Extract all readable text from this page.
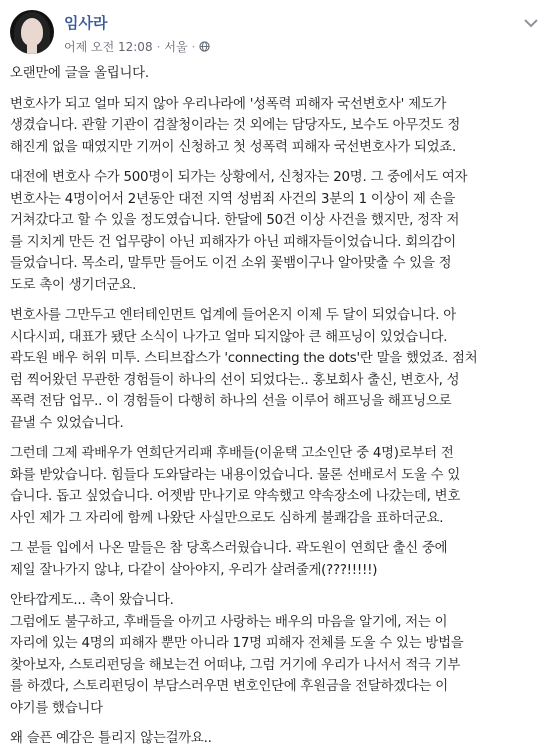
임사라
어제 오전 12:08 · 서울 ·

오랜만에 글을 올립니다.

변호사가 되고 얼마 되지 않아 우리나라에 '성폭력 피해자 국선변호사' 제도가
생겼습니다. 관할 기관이 검찰청이라는 것 외에는 담당자도, 보수도 아무것도 정
해진게 없을 때였지만 기꺼이 신청하고 첫 성폭력 피해자 국선변호사가 되었죠.

대전에 변호사 수가 500명이 되가는 상황에서, 신청자는 20명. 그 중에서도 여자
변호사는 4명이어서 2년동안 대전 지역 성범죄 사건의 3분의 1 이상이 제 손을
거쳐갔다고 할 수 있을 정도였습니다. 한달에 50건 이상 사건을 했지만, 정작 저
를 지치게 만든 건 업무량이 아닌 피해자가 아닌 피해자들이었습니다. 회의감이
들었습니다. 목소리, 말투만 들어도 이건 소위 꽃뱀이구나 알아맞출 수 있을 정
도로 촉이 생기더군요.

변호사를 그만두고 엔터테인먼트 업계에 들어온지 이제 두 달이 되었습니다. 아
시다시피, 대표가 됐단 소식이 나가고 얼마 되지않아 큰 해프닝이 있었습니다.
곽도원 배우 허위 미투. 스티브잡스가 'connecting the dots'란 말을 했었죠. 점처
럼 찍어왔던 무관한 경험들이 하나의 선이 되었다는.. 홍보회사 출신, 변호사, 성
폭력 전담 업무.. 이 경험들이 다행히 하나의 선을 이루어 해프닝을 해프닝으로
끝낼 수 있었습니다.

그런데 그제 곽배우가 연희단거리패 후배들(이윤택 고소인단 중 4명)로부터 전
화를 받았습니다. 힘들다 도와달라는 내용이었습니다. 물론 선배로서 도울 수 있
습니다. 돕고 싶었습니다. 어젯밤 만나기로 약속했고 약속장소에 나갔는데, 변호
사인 제가 그 자리에 함께 나왔단 사실만으로도 심하게 불쾌감을 표하더군요.

그 분들 입에서 나온 말들은 참 당혹스러웠습니다. 곽도원이 연희단 출신 중에
제일 잘나가지 않냐, 다같이 살아야지, 우리가 살려줄게(???!!!!!)

안타깝게도... 촉이 왔습니다.
그럼에도 불구하고, 후배들을 아끼고 사랑하는 배우의 마음을 알기에, 저는 이
자리에 있는 4명의 피해자 뿐만 아니라 17명 피해자 전체를 도울 수 있는 방법을
찾아보자, 스토리펀딩을 해보는건 어떠냐, 그럼 거기에 우리가 나서서 적극 기부
를 하겠다, 스토리펀딩이 부담스러우면 변호인단에 후원금을 전달하겠다는 이
야기를 했습니다

왜 슬픈 예감은 틀리지 않는걸까요..
